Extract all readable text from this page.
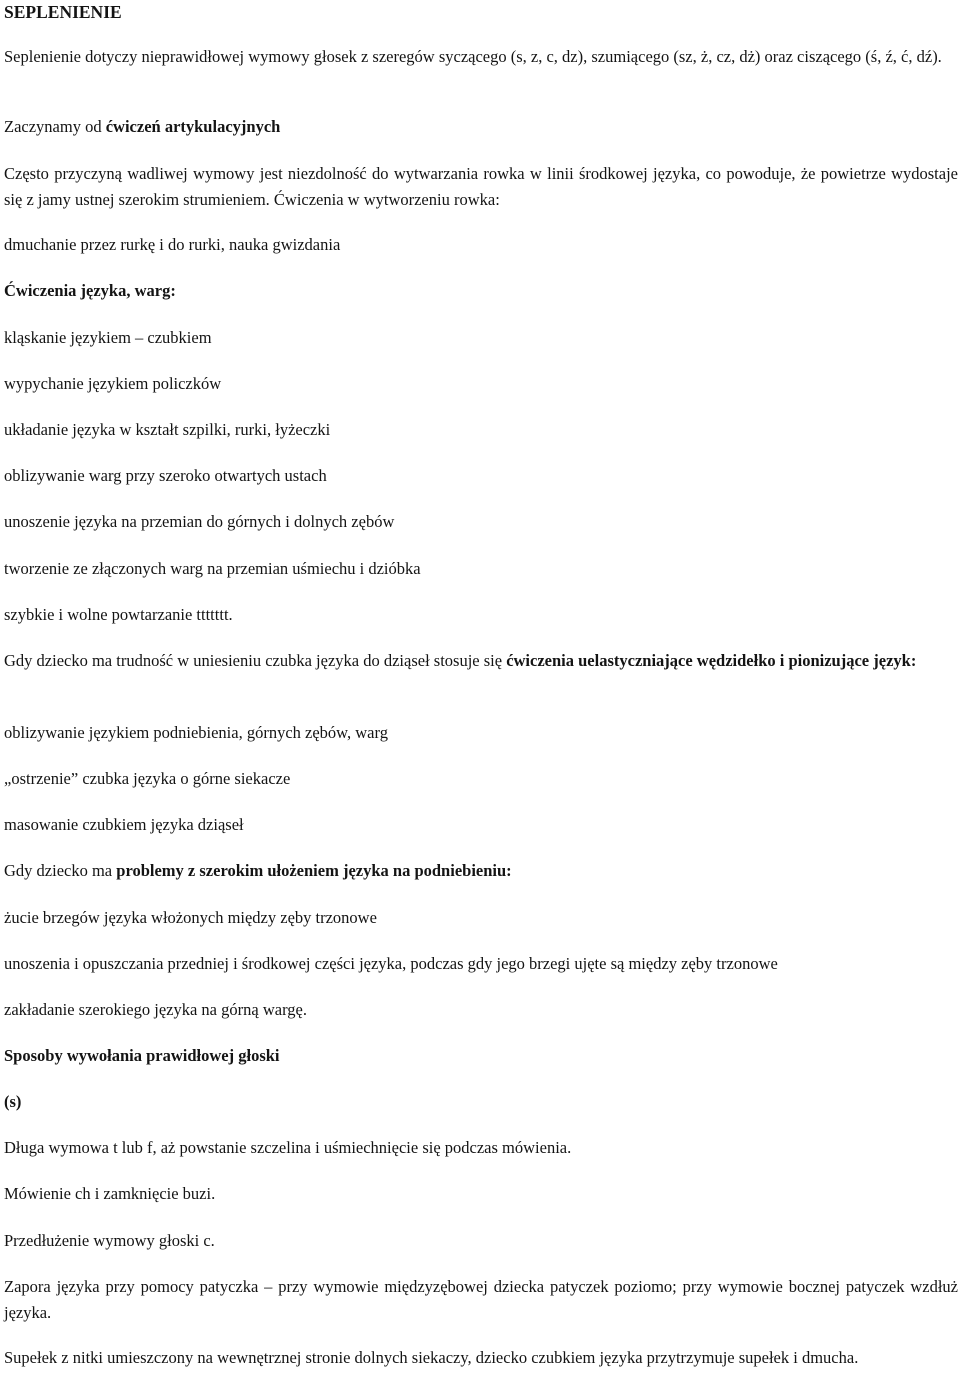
SEPLENIENIE
Seplenienie dotyczy nieprawidłowej wymowy głosek z szeregów syczącego (s, z, c, dz), szumiącego (sz, ż, cz, dż) oraz ciszącego (ś, ź, ć, dź).
Zaczynamy od ćwiczeń artykulacyjnych
Często przyczyną wadliwej wymowy jest niezdolność do wytwarzania rowka w linii środkowej języka, co powoduje, że powietrze wydostaje się z jamy ustnej szerokim strumieniem. Ćwiczenia w wytworzeniu rowka:
dmuchanie przez rurkę i do rurki, nauka gwizdania
Ćwiczenia języka, warg:
kląskanie językiem – czubkiem
wypychanie językiem policzków
układanie języka w kształt szpilki, rurki, łyżeczki
oblizywanie warg przy szeroko otwartych ustach
unoszenie języka na przemian do górnych i dolnych zębów
tworzenie ze złączonych warg na przemian uśmiechu i dzióbka
szybkie i wolne powtarzanie ttttttt.
Gdy dziecko ma trudność w uniesieniu czubka języka do dziąseł stosuje się ćwiczenia uelastyczniające wędzidełko i pionizujące język:
oblizywanie językiem podniebienia, górnych zębów, warg
„ostrzenie” czubka języka o górne siekacze
masowanie czubkiem języka dziąseł
Gdy dziecko ma problemy z szerokim ułożeniem języka na podniebieniu:
żucie brzegów języka włożonych między zęby trzonowe
unoszenia i opuszczania przedniej i środkowej części języka, podczas gdy jego brzegi ujęte są między zęby trzonowe
zakładanie szerokiego języka na górną wargę.
Sposoby wywołania prawidłowej głoski
(s)
Długa wymowa t lub f, aż powstanie szczelina i uśmiechnięcie się podczas mówienia.
Mówienie ch i zamknięcie buzi.
Przedłużenie wymowy głoski c.
Zapora języka przy pomocy patyczka – przy wymowie międzyzębowej dziecka patyczek poziomo; przy wymowie bocznej patyczek wzdłuż języka.
Supełek z nitki umieszczony na wewnętrznej stronie dolnych siekaczy, dziecko czubkiem języka przytrzymuje supełek i dmucha.
